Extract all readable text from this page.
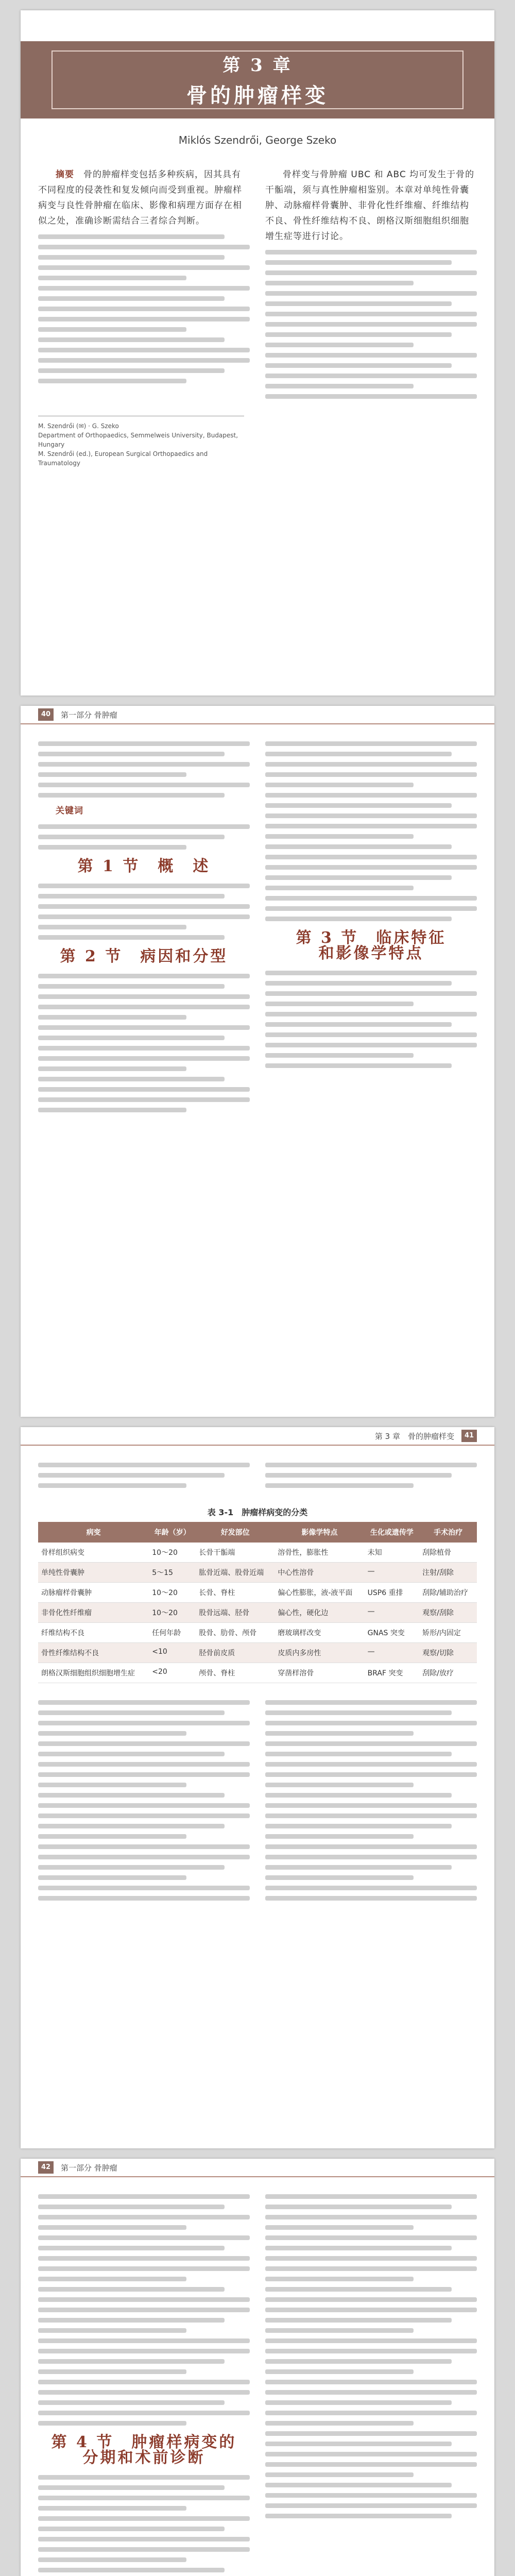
第 3 章
骨的肿瘤样变
Miklós Szendrői, George Szeko

摘要　 骨的肿瘤样变包括多种疾病，因其具有不同程度的侵袭性和复发倾向而受到重视。肿瘤样病变与良性骨肿瘤在临床、影像和病理方面存在相似之处，准确诊断需结合三者综合判断。

骨样变与骨肿瘤 UBC 和 ABC 均可发生于骨的干骺端，须与真性肿瘤相鉴别。本章对单纯性骨囊肿、动脉瘤样骨囊肿、非骨化性纤维瘤、纤维结构不良、骨性纤维结构不良、朗格汉斯细胞组织细胞增生症等进行讨论。

M. Szendrői (✉) · G. Szeko
Department of Orthopaedics, Semmelweis University, Budapest, Hungary
M. Szendrői (ed.), European Surgical Orthopaedics and Traumatology
40	第一部分 骨肿瘤

关键词

第 1 节　概　述
第 2 节　病因和分型
第 3 节　临床特征
和影像学特点
第 3 章　骨的肿瘤样变	41
表 3-1　肿瘤样病变的分类
病变	年龄（岁）	好发部位	影像学特点	生化或遗传学	手术治疗
骨样组织病变	10～20	长骨干骺端	溶骨性，膨胀性	未知	刮除植骨
单纯性骨囊肿	5～15	肱骨近端、股骨近端	中心性溶骨	—	注射/刮除
动脉瘤样骨囊肿	10～20	长骨、脊柱	偏心性膨胀，液-液平面	USP6 重排	刮除/辅助治疗
非骨化性纤维瘤	10～20	股骨远端、胫骨	偏心性，硬化边	—	观察/刮除
纤维结构不良	任何年龄	股骨、肋骨、颅骨	磨玻璃样改变	GNAS 突变	矫形/内固定
骨性纤维结构不良	<10	胫骨前皮质	皮质内多房性	—	观察/切除
朗格汉斯细胞组织细胞增生症	<20	颅骨、脊柱	穿凿样溶骨	BRAF 突变	刮除/放疗
42	第一部分 骨肿瘤
第 4 节　肿瘤样病变的
分期和术前诊断
